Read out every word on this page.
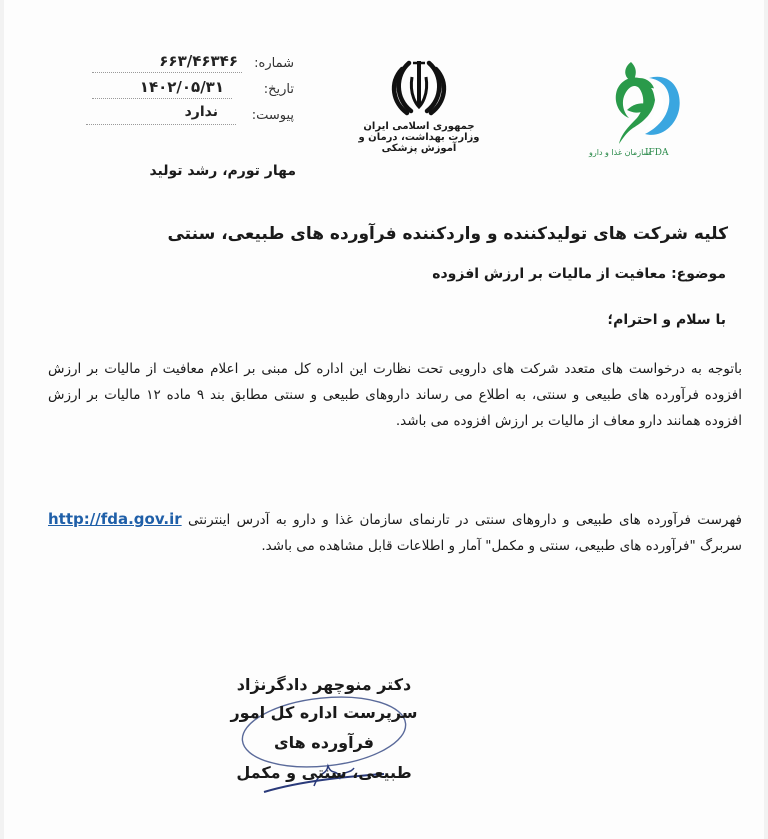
شماره:
۶۶۳/۴۶۳۴۶
تاریخ:
۱۴۰۲/۰۵/۳۱
پیوست:
ندارد
مهار تورم، رشد تولید
جمهوری اسلامی ایران
وزارت بهداشت، درمان و آموزش پزشکی	سازمان غذا و دارو
IFDA
کلیه شرکت های تولیدکننده و واردکننده فرآورده های طبیعی، سنتی
موضوع: معافیت از مالیات بر ارزش افزوده
با سلام و احترام؛

باتوجه به درخواست های متعدد شرکت های دارویی تحت نظارت این اداره کل مبنی بر اعلام معافیت از مالیات بر ارزش افزوده فرآورده های طبیعی و سنتی، به اطلاع می رساند داروهای طبیعی و سنتی مطابق بند ۹ ماده ۱۲ مالیات بر ارزش افزوده همانند دارو معاف از مالیات بر ارزش افزوده می باشد.

فهرست فرآورده های طبیعی و داروهای سنتی در تارنمای سازمان غذا و دارو به آدرس اینترنتی http://fda.gov.ir سربرگ "فرآورده های طبیعی، سنتی و مکمل" آمار و اطلاعات قابل مشاهده می باشد.

دکتر منوچهر دادگرنژاد
سرپرست اداره کل امور فرآورده های
طبیعی، سنتی و مکمل
